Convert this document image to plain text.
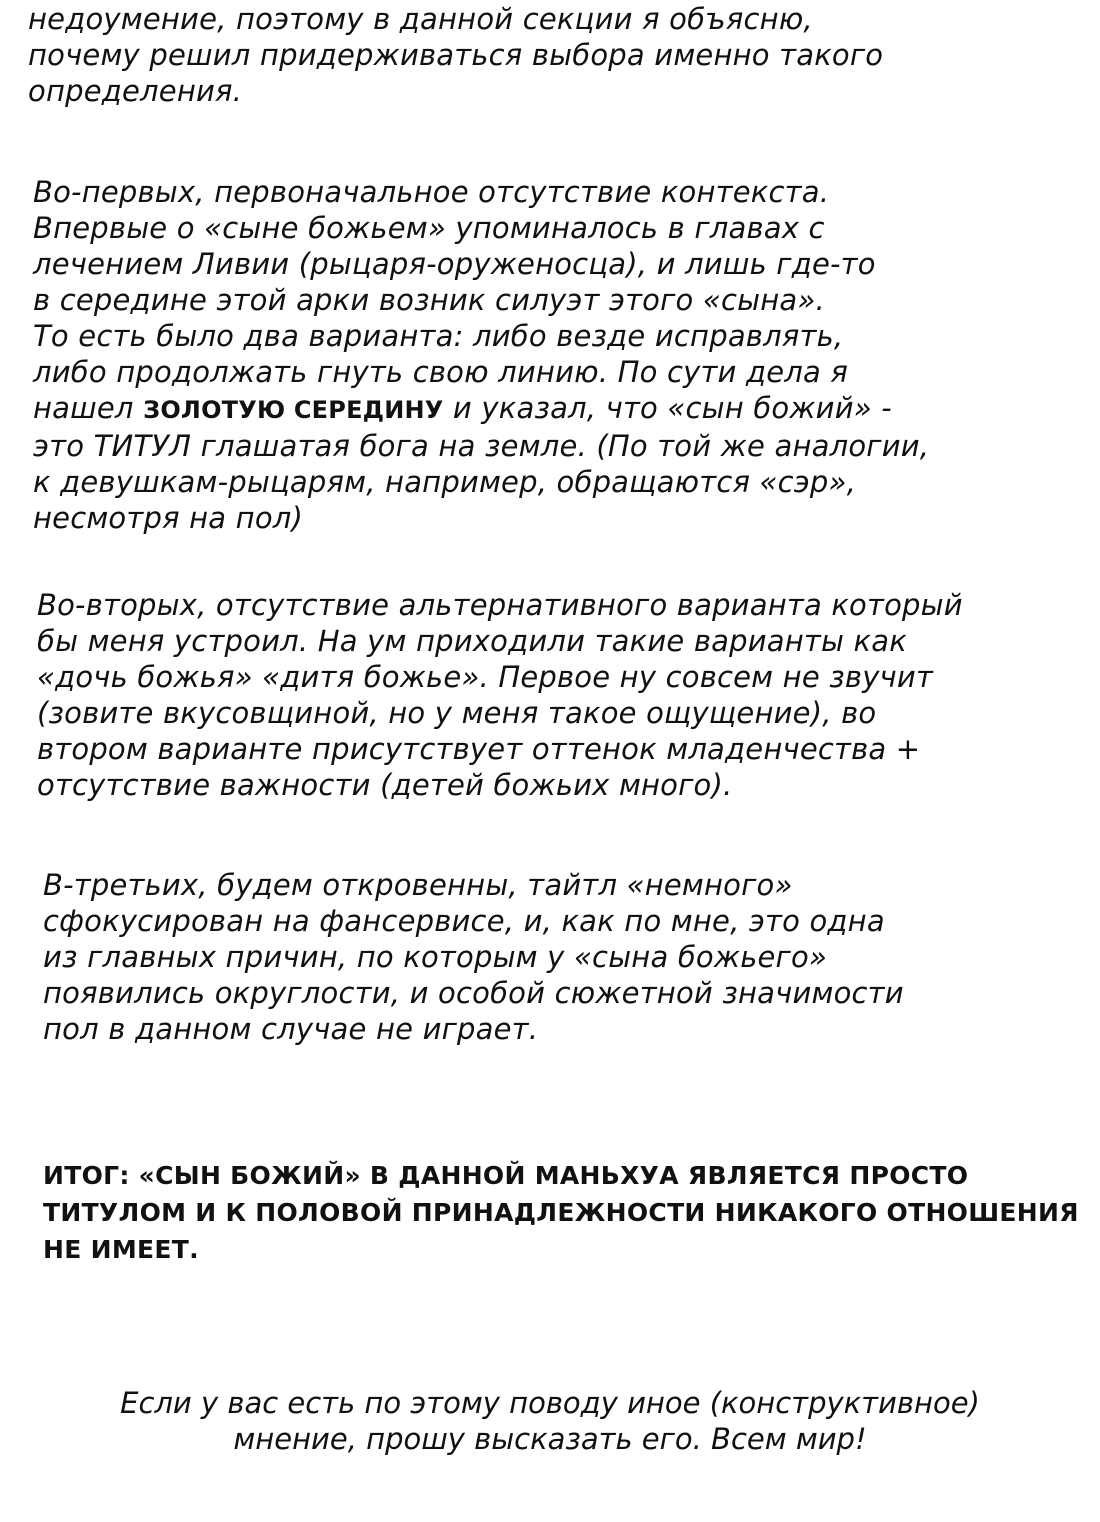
недоумение, поэтому в данной секции я объясню,
почему решил придерживаться выбора именно такого
определения.

Во-первых, первоначальное отсутствие контекста.
Впервые о «сыне божьем» упоминалось в главах с
лечением Ливии (рыцаря-оруженосца), и лишь где-то
в середине этой арки возник силуэт этого «сына».
То есть было два варианта: либо везде исправлять,
либо продолжать гнуть свою линию. По сути дела я
нашел ЗОЛОТУЮ СЕРЕДИНУ и указал, что «сын божий» -
это ТИТУЛ глашатая бога на земле. (По той же аналогии,
к девушкам-рыцарям, например, обращаются «сэр»,
несмотря на пол)

Во-вторых, отсутствие альтернативного варианта который
бы меня устроил. На ум приходили такие варианты как
«дочь божья» «дитя божье». Первое ну совсем не звучит
(зовите вкусовщиной, но у меня такое ощущение), во
втором варианте присутствует оттенок младенчества +
отсутствие важности (детей божьих много).

В-третьих, будем откровенны, тайтл «немного»
сфокусирован на фансервисе, и, как по мне, это одна
из главных причин, по которым у «сына божьего»
появились округлости, и особой сюжетной значимости
пол в данном случае не играет.

ИТОГ: «СЫН БОЖИЙ» В ДАННОЙ МАНЬХУА ЯВЛЯЕТСЯ ПРОСТО
ТИТУЛОМ И К ПОЛОВОЙ ПРИНАДЛЕЖНОСТИ НИКАКОГО ОТНОШЕНИЯ
НЕ ИМЕЕТ.

Если у вас есть по этому поводу иное (конструктивное)
мнение, прошу высказать его. Всем мир!
